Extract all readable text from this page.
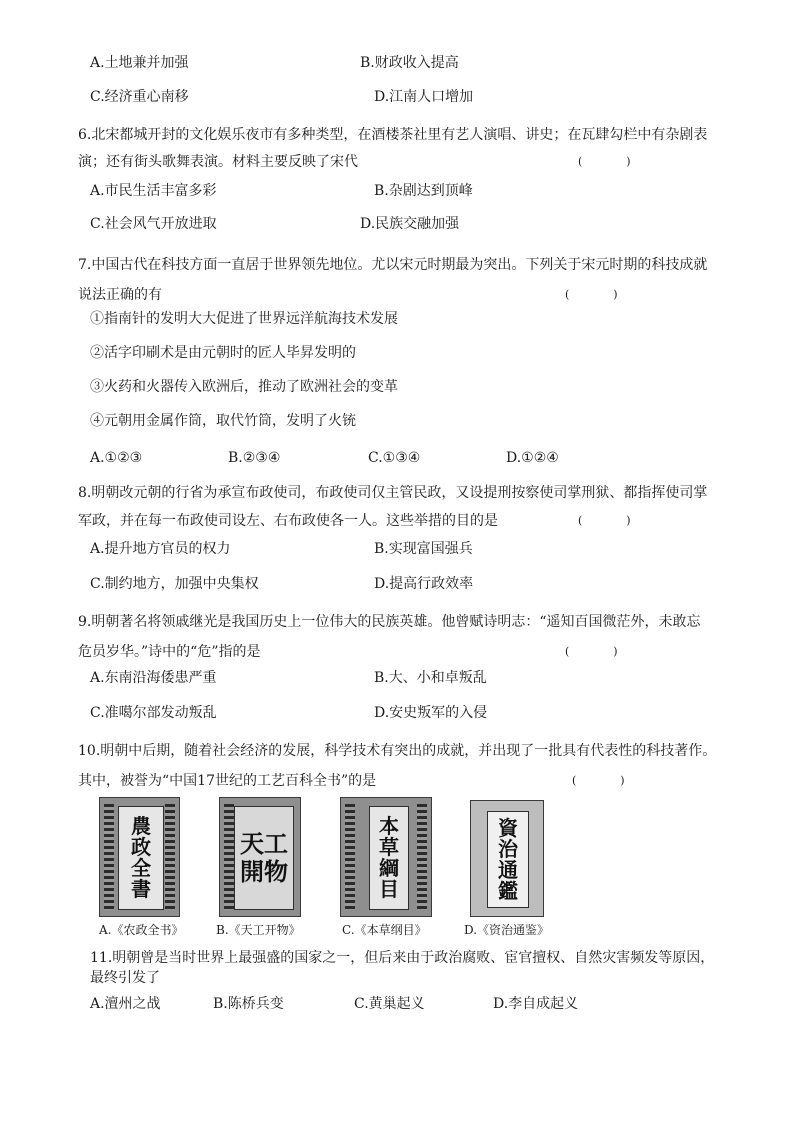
A.土地兼并加强	B.财政收入提高
C.经济重心南移	D.江南人口增加
6.北宋都城开封的文化娱乐夜市有多种类型，在酒楼茶社里有艺人演唱、讲史；在瓦肆勾栏中有杂剧表
演；还有街头歌舞表演。材料主要反映了宋代	(　　　　)
A.市民生活丰富多彩	B.杂剧达到顶峰
C.社会风气开放进取	D.民族交融加强
7.中国古代在科技方面一直居于世界领先地位。尤以宋元时期最为突出。下列关于宋元时期的科技成就
说法正确的有	(　　　　)
①指南针的发明大大促进了世界远洋航海技术发展
②活字印刷术是由元朝时的匠人毕昇发明的
③火药和火器传入欧洲后，推动了欧洲社会的变革
④元朝用金属作筒，取代竹筒，发明了火铳
A.①②③	B.②③④	C.①③④	D.①②④
8.明朝改元朝的行省为承宣布政使司，布政使司仅主管民政，又设提刑按察使司掌刑狱、都指挥使司掌
军政，并在每一布政使司设左、右布政使各一人。这些举措的目的是	(　　　　)
A.提升地方官员的权力	B.实现富国强兵
C.制约地方，加强中央集权	D.提高行政效率
9.明朝著名将领戚继光是我国历史上一位伟大的民族英雄。他曾赋诗明志：“遥知百国微茫外，未敢忘
危员岁华。”诗中的“危”指的是	(　　　　)
A.东南沿海倭患严重	B.大、小和卓叛乱
C.准噶尔部发动叛乱	D.安史叛军的入侵
10.明朝中后期，随着社会经济的发展，科学技术有突出的成就，并出现了一批具有代表性的科技著作。
其中，被誉为“中国17世纪的工艺百科全书”的是	(　　　　)
農政全書
天工開物
本草綱目
資治通鑑
A.《农政全书》	B.《天工开物》	C.《本草纲目》	D.《资治通鉴》
11.明朝曾是当时世界上最强盛的国家之一，但后来由于政治腐败、宦官擅权、自然灾害频发等原因，
最终引发了
A.澶州之战	B.陈桥兵变	C.黄巢起义	D.李自成起义
